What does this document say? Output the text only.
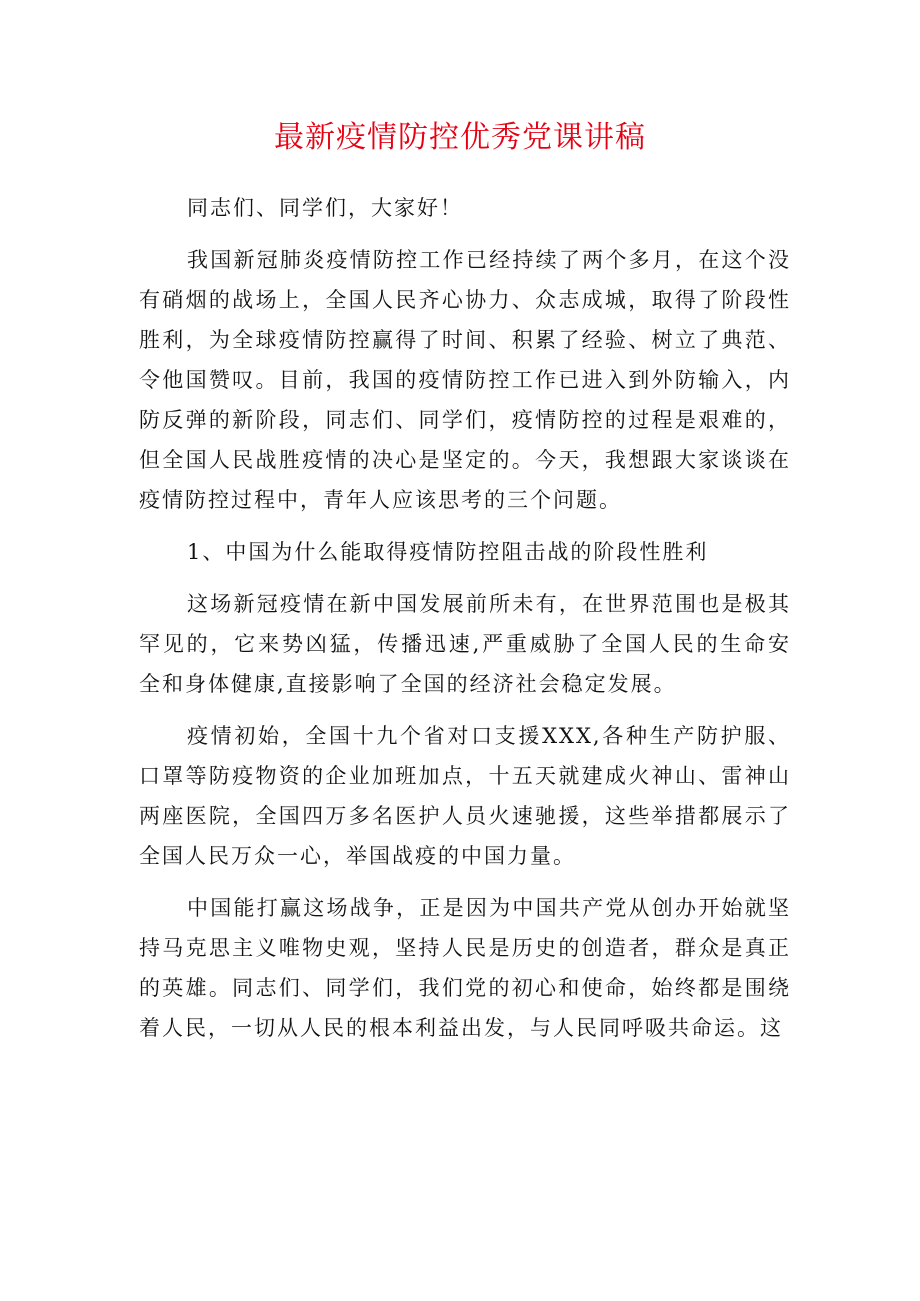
最新疫情防控优秀党课讲稿

同志们、同学们，大家好！

我国新冠肺炎疫情防控工作已经持续了两个多月，在这个没有硝烟的战场上，全国人民齐心协力、众志成城，取得了阶段性胜利，为全球疫情防控赢得了时间、积累了经验、树立了典范、令他国赞叹。目前，我国的疫情防控工作已进入到外防输入，内防反弹的新阶段，同志们、同学们，疫情防控的过程是艰难的，但全国人民战胜疫情的决心是坚定的。今天，我想跟大家谈谈在疫情防控过程中，青年人应该思考的三个问题。

1、中国为什么能取得疫情防控阻击战的阶段性胜利

这场新冠疫情在新中国发展前所未有，在世界范围也是极其罕见的，它来势凶猛，传播迅速,严重威胁了全国人民的生命安全和身体健康,直接影响了全国的经济社会稳定发展。

疫情初始，全国十九个省对口支援XXX,各种生产防护服、口罩等防疫物资的企业加班加点，十五天就建成火神山、雷神山两座医院，全国四万多名医护人员火速驰援，这些举措都展示了全国人民万众一心，举国战疫的中国力量。

中国能打赢这场战争，正是因为中国共产党从创办开始就坚持马克思主义唯物史观，坚持人民是历史的创造者，群众是真正的英雄。同志们、同学们，我们党的初心和使命，始终都是围绕着人民，一切从人民的根本利益出发，与人民同呼吸共命运。这
